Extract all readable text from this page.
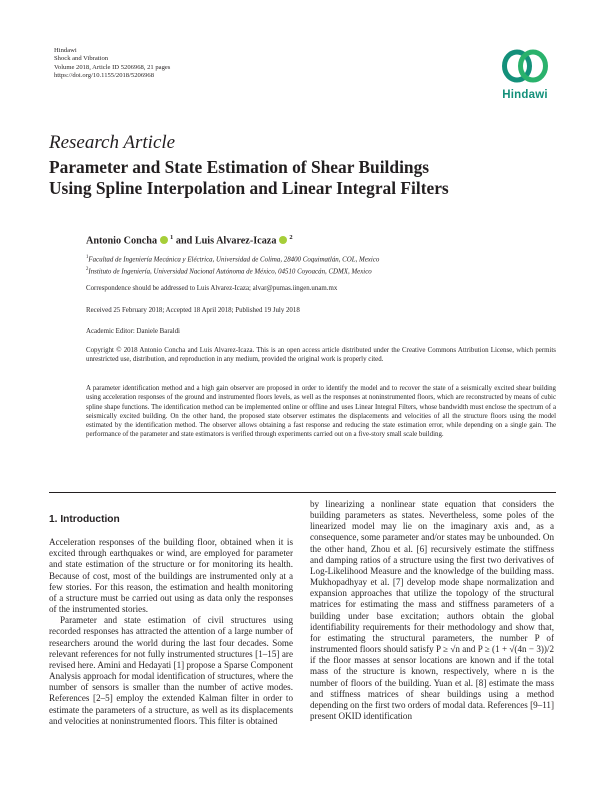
Hindawi
Shock and Vibration
Volume 2018, Article ID 5206968, 21 pages
https://doi.org/10.1155/2018/5206968
Hindawi
Research Article
Parameter and State Estimation of Shear Buildings
Using Spline Interpolation and Linear Integral Filters
Antonio Concha $^1$ and Luis Alvarez-Icaza $^2$
$^1$Facultad de Ingeniería Mecánica y Eléctrica, Universidad de Colima, 28400 Coquimatlán, COL, Mexico
$^2$Instituto de Ingeniería, Universidad Nacional Autónoma de México, 04510 Coyoacán, CDMX, Mexico
Correspondence should be addressed to Luis Alvarez-Icaza; alvar@pumas.iingen.unam.mx
Received 25 February 2018; Accepted 18 April 2018; Published 19 July 2018
Academic Editor: Daniele Baraldi
Copyright © 2018 Antonio Concha and Luis Alvarez-Icaza. This is an open access article distributed under the Creative Commons Attribution License, which permits unrestricted use, distribution, and reproduction in any medium, provided the original work is properly cited.
A parameter identification method and a high gain observer are proposed in order to identify the model and to recover the state of a seismically excited shear building using acceleration responses of the ground and instrumented floors levels, as well as the responses at noninstrumented floors, which are reconstructed by means of cubic spline shape functions. The identification method can be implemented online or offline and uses Linear Integral Filters, whose bandwidth must enclose the spectrum of a seismically excited building. On the other hand, the proposed state observer estimates the displacements and velocities of all the structure floors using the model estimated by the identification method. The observer allows obtaining a fast response and reducing the state estimation error, while depending on a single gain. The performance of the parameter and state estimators is verified through experiments carried out on a five-story small scale building.
1. Introduction

Acceleration responses of the building floor, obtained when it is excited through earthquakes or wind, are employed for parameter and state estimation of the structure or for monitoring its health. Because of cost, most of the buildings are instrumented only at a few stories. For this reason, the estimation and health monitoring of a structure must be carried out using as data only the responses of the instrumented stories.

Parameter and state estimation of civil structures using recorded responses has attracted the attention of a large number of researchers around the world during the last four decades. Some relevant references for not fully instrumented structures [1–15] are revised here. Amini and Hedayati [1] propose a Sparse Component Analysis approach for modal identification of structures, where the number of sensors is smaller than the number of active modes. References [2–5] employ the extended Kalman filter in order to estimate the parameters of a structure, as well as its displacements and velocities at noninstrumented floors. This filter is obtained

by linearizing a nonlinear state equation that considers the building parameters as states. Nevertheless, some poles of the linearized model may lie on the imaginary axis and, as a consequence, some parameter and/or states may be unbounded. On the other hand, Zhou et al. [6] recursively estimate the stiffness and damping ratios of a structure using the first two derivatives of Log-Likelihood Measure and the knowledge of the building mass. Mukhopadhyay et al. [7] develop mode shape normalization and expansion approaches that utilize the topology of the structural matrices for estimating the mass and stiffness parameters of a building under base excitation; authors obtain the global identifiability requirements for their methodology and show that, for estimating the structural parameters, the number P of instrumented floors should satisfy P ≥ √n and P ≥ (1 + √(4n − 3))/2 if the floor masses at sensor locations are known and if the total mass of the structure is known, respectively, where n is the number of floors of the building. Yuan et al. [8] estimate the mass and stiffness matrices of shear buildings using a method depending on the first two orders of modal data. References [9–11] present OKID identification
